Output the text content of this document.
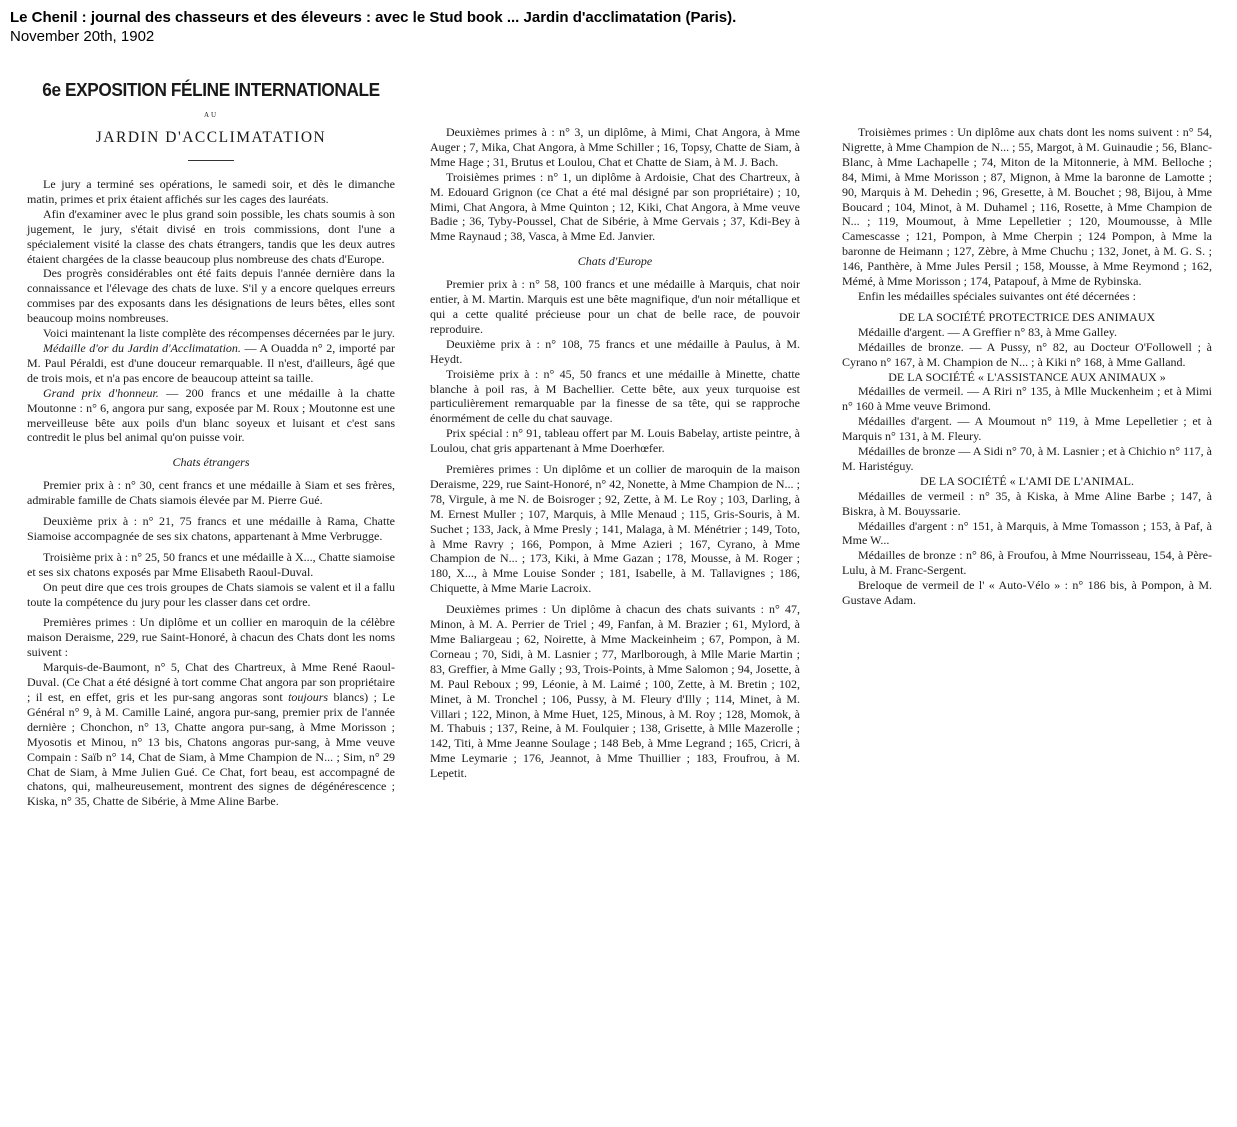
Le Chenil : journal des chasseurs et des éleveurs : avec le Stud book ... Jardin d'acclimatation (Paris).
November 20th, 1902

6e EXPOSITION FÉLINE INTERNATIONALE

AU

JARDIN D'ACCLIMATATION

Le jury a terminé ses opérations, le samedi soir, et dès le dimanche matin, primes et prix étaient affichés sur les cages des lauréats.

Afin d'examiner avec le plus grand soin possible, les chats soumis à son jugement, le jury, s'était divisé en trois commissions, dont l'une a spécialement visité la classe des chats étrangers, tandis que les deux autres étaient chargées de la classe beaucoup plus nombreuse des chats d'Europe.

Des progrès considérables ont été faits depuis l'année dernière dans la connaissance et l'élevage des chats de luxe. S'il y a encore quelques erreurs commises par des exposants dans les désignations de leurs bêtes, elles sont beaucoup moins nombreuses.

Voici maintenant la liste complète des récompenses décernées par le jury.

Médaille d'or du Jardin d'Acclimatation. — A Ouadda n° 2, importé par M. Paul Péraldi, est d'une douceur remarquable. Il n'est, d'ailleurs, âgé que de trois mois, et n'a pas encore de beaucoup atteint sa taille.

Grand prix d'honneur. — 200 francs et une médaille à la chatte Moutonne : n° 6, angora pur sang, exposée par M. Roux ; Moutonne est une merveilleuse bête aux poils d'un blanc soyeux et luisant et c'est sans contredit le plus bel animal qu'on puisse voir.

Chats étrangers

Premier prix à : n° 30, cent francs et une médaille à Siam et ses frères, admirable famille de Chats siamois élevée par M. Pierre Gué.

Deuxième prix à : n° 21, 75 francs et une médaille à Rama, Chatte Siamoise accompagnée de ses six chatons, appartenant à Mme Verbrugge.

Troisième prix à : n° 25, 50 francs et une médaille à X..., Chatte siamoise et ses six chatons exposés par Mme Elisabeth Raoul-Duval.

On peut dire que ces trois groupes de Chats siamois se valent et il a fallu toute la compétence du jury pour les classer dans cet ordre.

Premières primes : Un diplôme et un collier en maroquin de la célèbre maison Deraisme, 229, rue Saint-Honoré, à chacun des Chats dont les noms suivent :

Marquis-de-Baumont, n° 5, Chat des Chartreux, à Mme René Raoul-Duval. (Ce Chat a été désigné à tort comme Chat angora par son propriétaire ; il est, en effet, gris et les pur-sang angoras sont toujours blancs) ; Le Général n° 9, à M. Camille Lainé, angora pur-sang, premier prix de l'année dernière ; Chonchon, n° 13, Chatte angora pur-sang, à Mme Morisson ; Myosotis et Minou, n° 13 bis, Chatons angoras pur-sang, à Mme veuve Compain : Saïb n° 14, Chat de Siam, à Mme Champion de N... ; Sim, n° 29 Chat de Siam, à Mme Julien Gué. Ce Chat, fort beau, est accompagné de chatons, qui, malheureusement, montrent des signes de dégénérescence ; Kiska, n° 35, Chatte de Sibérie, à Mme Aline Barbe.

Deuxièmes primes à : n° 3, un diplôme, à Mimi, Chat Angora, à Mme Auger ; 7, Mika, Chat Angora, à Mme Schiller ; 16, Topsy, Chatte de Siam, à Mme Hage ; 31, Brutus et Loulou, Chat et Chatte de Siam, à M. J. Bach.

Troisièmes primes : n° 1, un diplôme à Ardoisie, Chat des Chartreux, à M. Edouard Grignon (ce Chat a été mal désigné par son propriétaire) ; 10, Mimi, Chat Angora, à Mme Quinton ; 12, Kiki, Chat Angora, à Mme veuve Badie ; 36, Tyby-Poussel, Chat de Sibérie, à Mme Gervais ; 37, Kdi-Bey à Mme Raynaud ; 38, Vasca, à Mme Ed. Janvier.

Chats d'Europe

Premier prix à : n° 58, 100 francs et une médaille à Marquis, chat noir entier, à M. Martin. Marquis est une bête magnifique, d'un noir métallique et qui a cette qualité précieuse pour un chat de belle race, de pouvoir reproduire.

Deuxième prix à : n° 108, 75 francs et une médaille à Paulus, à M. Heydt.

Troisième prix à : n° 45, 50 francs et une médaille à Minette, chatte blanche à poil ras, à M Bachellier. Cette bête, aux yeux turquoise est particulièrement remarquable par la finesse de sa tête, qui se rapproche énormément de celle du chat sauvage.

Prix spécial : n° 91, tableau offert par M. Louis Babelay, artiste peintre, à Loulou, chat gris appartenant à Mme Doerhœfer.

Premières primes : Un diplôme et un collier de maroquin de la maison Deraisme, 229, rue Saint-Honoré, n° 42, Nonette, à Mme Champion de N... ; 78, Virgule, à me N. de Boisroger ; 92, Zette, à M. Le Roy ; 103, Darling, à M. Ernest Muller ; 107, Marquis, à Mlle Menaud ; 115, Gris-Souris, à M. Suchet ; 133, Jack, à Mme Presly ; 141, Malaga, à M. Ménétrier ; 149, Toto, à Mme Ravry ; 166, Pompon, à Mme Azieri ; 167, Cyrano, à Mme Champion de N... ; 173, Kiki, à Mme Gazan ; 178, Mousse, à M. Roger ; 180, X..., à Mme Louise Sonder ; 181, Isabelle, à M. Tallavignes ; 186, Chiquette, à Mme Marie Lacroix.

Deuxièmes primes : Un diplôme à chacun des chats suivants : n° 47, Minon, à M. A. Perrier de Triel ; 49, Fanfan, à M. Brazier ; 61, Mylord, à Mme Baliargeau ; 62, Noirette, à Mme Mackeinheim ; 67, Pompon, à M. Corneau ; 70, Sidi, à M. Lasnier ; 77, Marlborough, à Mlle Marie Martin ; 83, Greffier, à Mme Gally ; 93, Trois-Points, à Mme Salomon ; 94, Josette, à M. Paul Reboux ; 99, Léonie, à M. Laimé ; 100, Zette, à M. Bretin ; 102, Minet, à M. Tronchel ; 106, Pussy, à M. Fleury d'Illy ; 114, Minet, à M. Villari ; 122, Minon, à Mme Huet, 125, Minous, à M. Roy ; 128, Momok, à M. Thabuis ; 137, Reine, à M. Foulquier ; 138, Grisette, à Mlle Mazerolle ; 142, Titi, à Mme Jeanne Soulage ; 148 Beb, à Mme Legrand ; 165, Cricri, à Mme Leymarie ; 176, Jeannot, à Mme Thuillier ; 183, Froufrou, à M. Lepetit.

Troisièmes primes : Un diplôme aux chats dont les noms suivent : n° 54, Nigrette, à Mme Champion de N... ; 55, Margot, à M. Guinaudie ; 56, Blanc-Blanc, à Mme Lachapelle ; 74, Miton de la Mitonnerie, à MM. Belloche ; 84, Mimi, à Mme Morisson ; 87, Mignon, à Mme la baronne de Lamotte ; 90, Marquis à M. Dehedin ; 96, Gresette, à M. Bouchet ; 98, Bijou, à Mme Boucard ; 104, Minot, à M. Duhamel ; 116, Rosette, à Mme Champion de N... ; 119, Moumout, à Mme Lepelletier ; 120, Moumousse, à Mlle Camescasse ; 121, Pompon, à Mme Cherpin ; 124 Pompon, à Mme la baronne de Heimann ; 127, Zèbre, à Mme Chuchu ; 132, Jonet, à M. G. S. ; 146, Panthère, à Mme Jules Persil ; 158, Mousse, à Mme Reymond ; 162, Mémé, à Mme Morisson ; 174, Patapouf, à Mme de Rybinska.

Enfin les médailles spéciales suivantes ont été décernées :

DE LA SOCIÉTÉ PROTECTRICE DES ANIMAUX

Médaille d'argent. — A Greffier n° 83, à Mme Galley.

Médailles de bronze. — A Pussy, n° 82, au Docteur O'Followell ; à Cyrano n° 167, à M. Champion de N... ; à Kiki n° 168, à Mme Galland.

DE LA SOCIÉTÉ « L'ASSISTANCE AUX ANIMAUX »

Médailles de vermeil. — A Riri n° 135, à Mlle Muckenheim ; et à Mimi n° 160 à Mme veuve Brimond.

Médailles d'argent. — A Moumout n° 119, à Mme Lepelletier ; et à Marquis n° 131, à M. Fleury.

Médailles de bronze — A Sidi n° 70, à M. Lasnier ; et à Chichio n° 117, à M. Haristéguy.

DE LA SOCIÉTÉ « L'AMI DE L'ANIMAL.

Médailles de vermeil : n° 35, à Kiska, à Mme Aline Barbe ; 147, à Biskra, à M. Bouyssarie.

Médailles d'argent : n° 151, à Marquis, à Mme Tomasson ; 153, à Paf, à Mme W...

Médailles de bronze : n° 86, à Froufou, à Mme Nourrisseau, 154, à Père-Lulu, à M. Franc-Sergent.

Breloque de vermeil de l' « Auto-Vélo » : n° 186 bis, à Pompon, à M. Gustave Adam.
